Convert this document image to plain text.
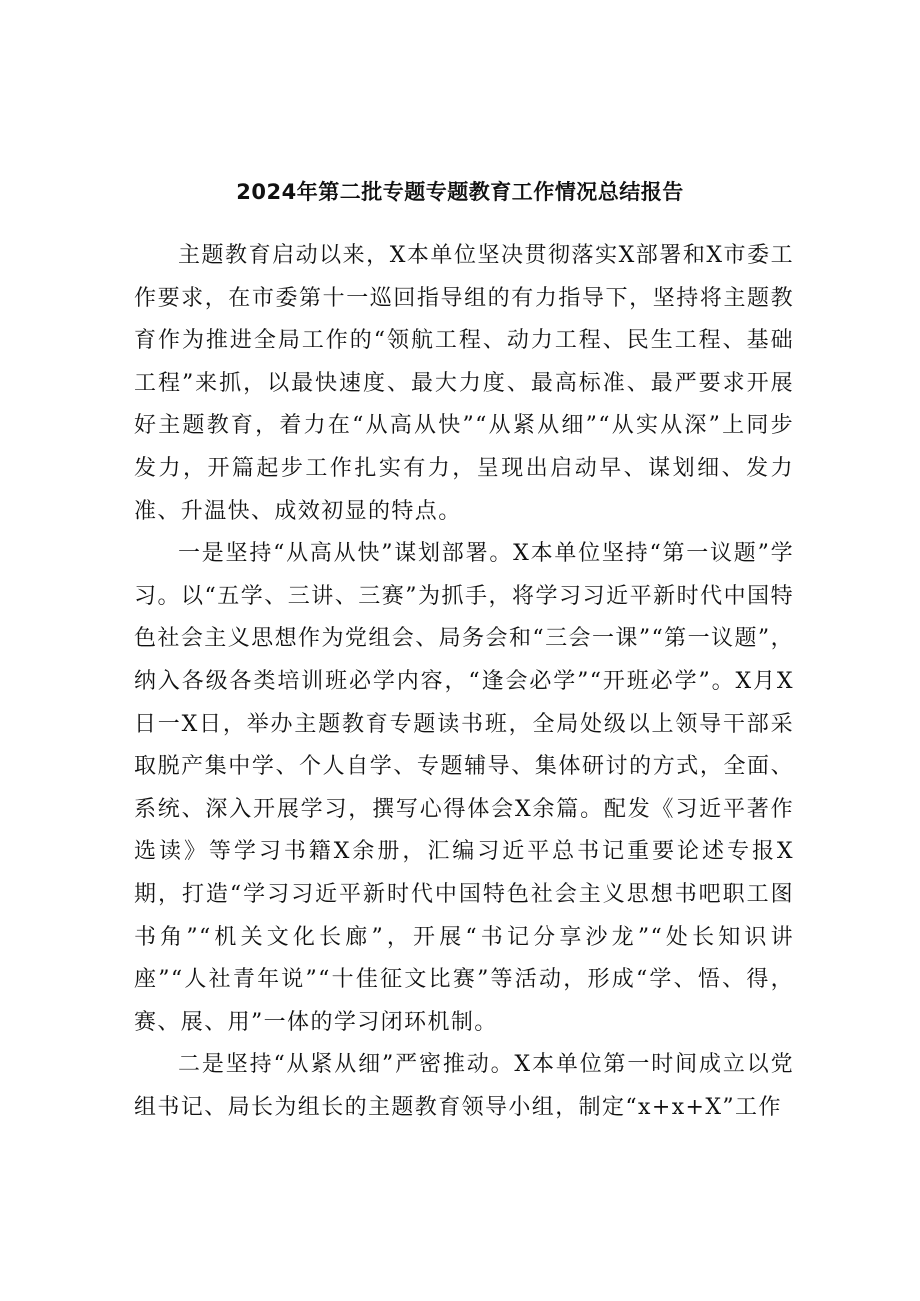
2024年第二批专题专题教育工作情况总结报告

主题教育启动以来，X本单位坚决贯彻落实X部署和X市委工作要求，在市委第十一巡回指导组的有力指导下，坚持将主题教育作为推进全局工作的“领航工程、动力工程、民生工程、基础工程”来抓，以最快速度、最大力度、最高标准、最严要求开展好主题教育，着力在“从高从快”“从紧从细”“从实从深”上同步发力，开篇起步工作扎实有力，呈现出启动早、谋划细、发力准、升温快、成效初显的特点。

一是坚持“从高从快”谋划部署。X本单位坚持“第一议题”学习。以“五学、三讲、三赛”为抓手，将学习习近平新时代中国特色社会主义思想作为党组会、局务会和“三会一课”“第一议题”，纳入各级各类培训班必学内容，“逢会必学”“开班必学”。X月X日一X日，举办主题教育专题读书班，全局处级以上领导干部采取脱产集中学、个人自学、专题辅导、集体研讨的方式，全面、系统、深入开展学习，撰写心得体会X余篇。配发《习近平著作选读》等学习书籍X余册，汇编习近平总书记重要论述专报X期，打造“学习习近平新时代中国特色社会主义思想书吧职工图书角”“机关文化长廊”，开展“书记分享沙龙”“处长知识讲座”“人社青年说”“十佳征文比赛”等活动，形成“学、悟、得，赛、展、用”一体的学习闭环机制。

二是坚持“从紧从细”严密推动。X本单位第一时间成立以党组书记、局长为组长的主题教育领导小组，制定“x+x+X”工作
